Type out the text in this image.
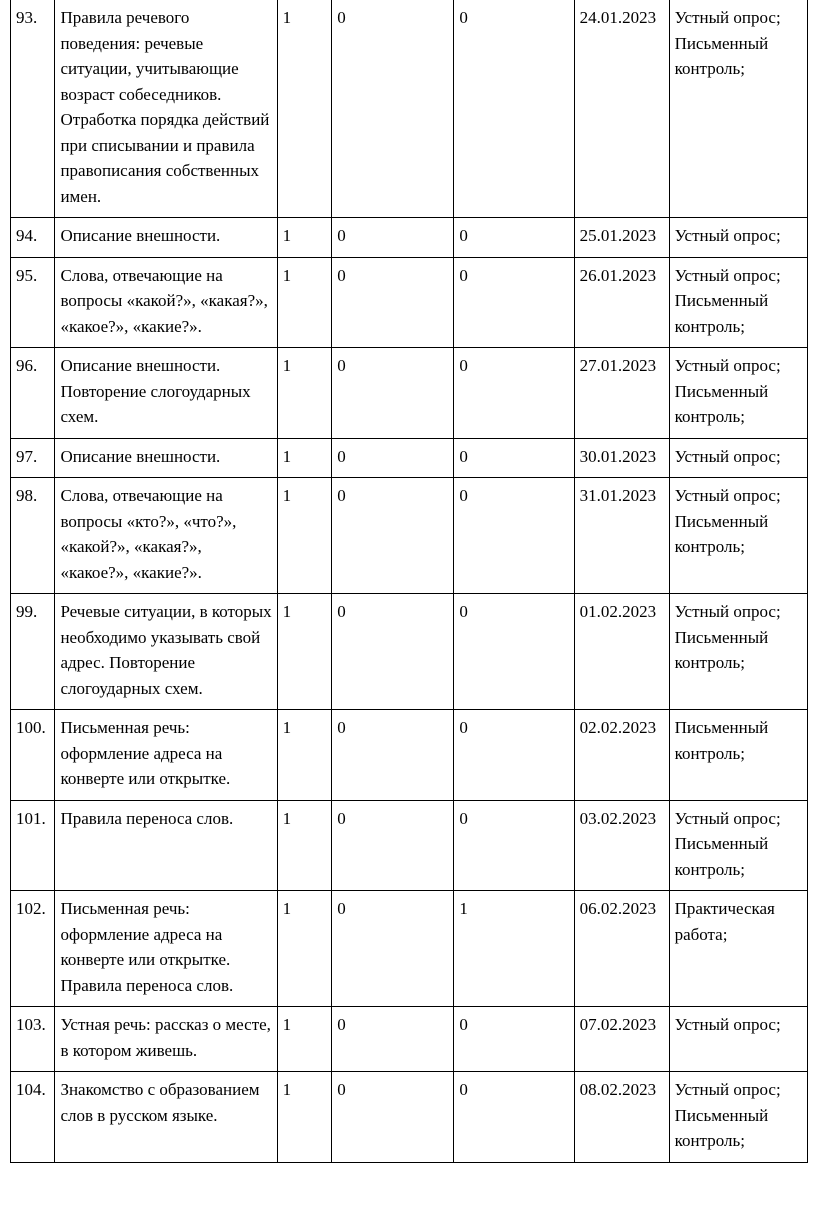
93.	Правила речевого поведения: речевые ситуации, учитывающие возраст собеседников. Отработка порядка действий при списывании и правила правописания собственных имен.	1	0	0	24.01.2023	Устный опрос; Письменный контроль;
94.	Описание внешности.	1	0	0	25.01.2023	Устный опрос;
95.	Слова, отвечающие на вопросы «какой?», «какая?», «какое?», «какие?».	1	0	0	26.01.2023	Устный опрос; Письменный контроль;
96.	Описание внешности. Повторение слогоударных схем.	1	0	0	27.01.2023	Устный опрос; Письменный контроль;
97.	Описание внешности.	1	0	0	30.01.2023	Устный опрос;
98.	Слова, отвечающие на вопросы «кто?», «что?», «какой?», «какая?», «какое?», «какие?».	1	0	0	31.01.2023	Устный опрос; Письменный контроль;
99.	Речевые ситуации, в которых необходимо указывать свой адрес. Повторение слогоударных схем.	1	0	0	01.02.2023	Устный опрос; Письменный контроль;
100.	Письменная речь: оформление адреса на конверте или открытке.	1	0	0	02.02.2023	Письменный контроль;
101.	Правила переноса слов.	1	0	0	03.02.2023	Устный опрос; Письменный контроль;
102.	Письменная речь: оформление адреса на конверте или открытке. Правила переноса слов.	1	0	1	06.02.2023	Практическая работа;
103.	Устная речь: рассказ о месте, в котором живешь.	1	0	0	07.02.2023	Устный опрос;
104.	Знакомство с образованием слов в русском языке.	1	0	0	08.02.2023	Устный опрос; Письменный контроль;
